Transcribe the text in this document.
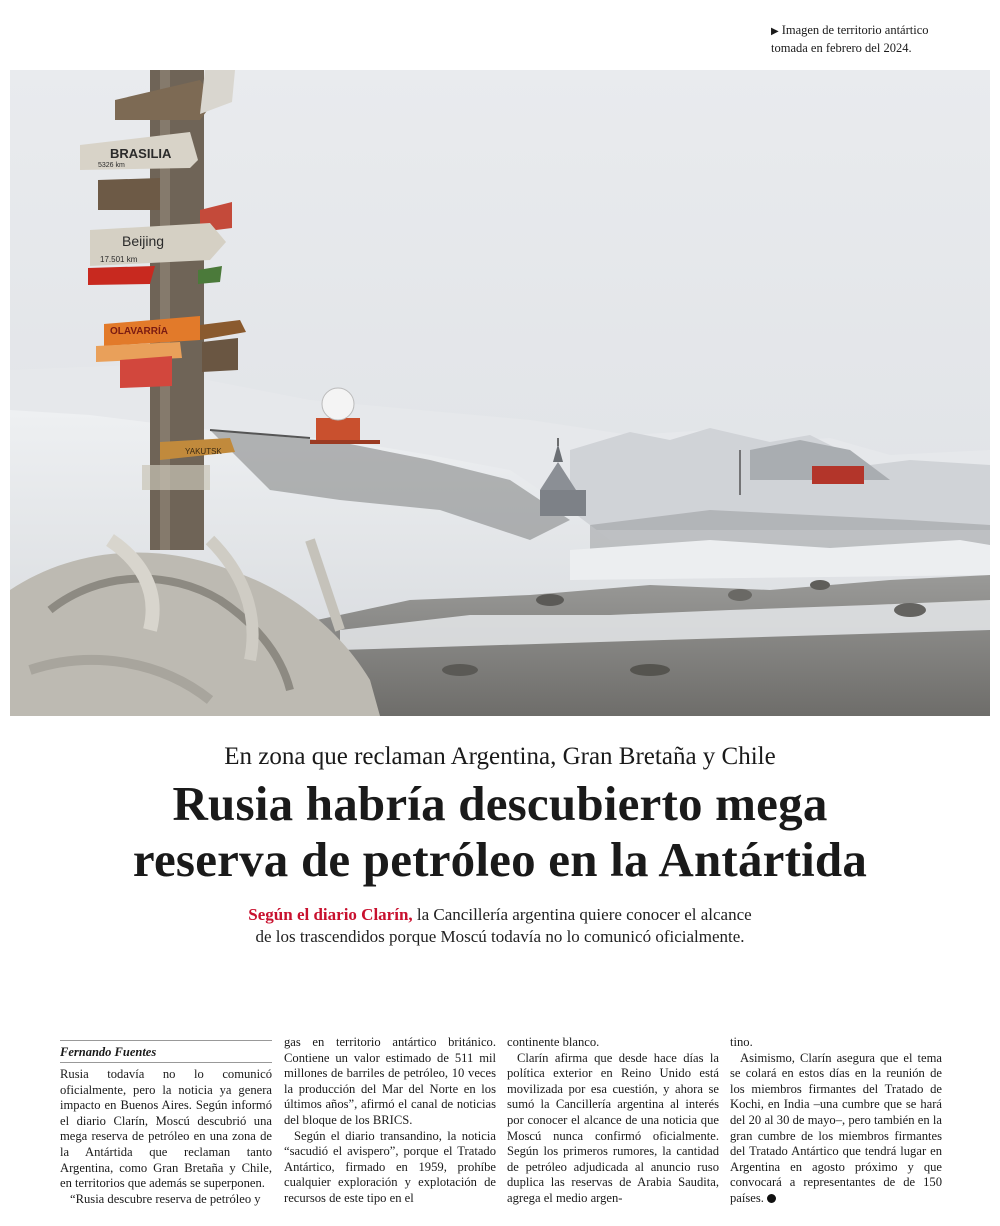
▶ Imagen de territorio antártico
tomada en febrero del 2024.
BRASILIA
5326 km
Beijing
17.501 km
OLAVARRÍA
YAKUTSK
En zona que reclaman Argentina, Gran Bretaña y Chile
Rusia habría descubierto mega
reserva de petróleo en la Antártida
Según el diario Clarín, la Cancillería argentina quiere conocer el alcance
de los trascendidos porque Moscú todavía no lo comunicó oficialmente.
Fernando Fuentes

Rusia todavía no lo comunicó oficialmente, pero la noticia ya genera impacto en Buenos Aires. Según informó el diario Clarín, Moscú descubrió una mega reserva de petróleo en una zona de la Antártida que reclaman tanto Argentina, como Gran Bretaña y Chile, en territorios que además se superponen.

“Rusia descubre reserva de petróleo y

gas en territorio antártico británico. Contiene un valor estimado de 511 mil millones de barriles de petróleo, 10 veces la producción del Mar del Norte en los últimos años”, afirmó el canal de noticias del bloque de los BRICS.

Según el diario transandino, la noticia “sacudió el avispero”, porque el Tratado Antártico, firmado en 1959, prohíbe cualquier exploración y explotación de recursos de este tipo en el

continente blanco.

Clarín afirma que desde hace días la política exterior en Reino Unido está movilizada por esa cuestión, y ahora se sumó la Cancillería argentina al interés por conocer el alcance de una noticia que Moscú nunca confirmó oficialmente. Según los primeros rumores, la cantidad de petróleo adjudicada al anuncio ruso duplica las reservas de Arabia Saudita, agrega el medio argen-

tino.

Asimismo, Clarín asegura que el tema se colará en estos días en la reunión de los miembros firmantes del Tratado de Kochi, en India –una cumbre que se hará del 20 al 30 de mayo–, pero también en la gran cumbre de los miembros firmantes del Tratado Antártico que tendrá lugar en Argentina en agosto próximo y que convocará a representantes de de 150 países.
